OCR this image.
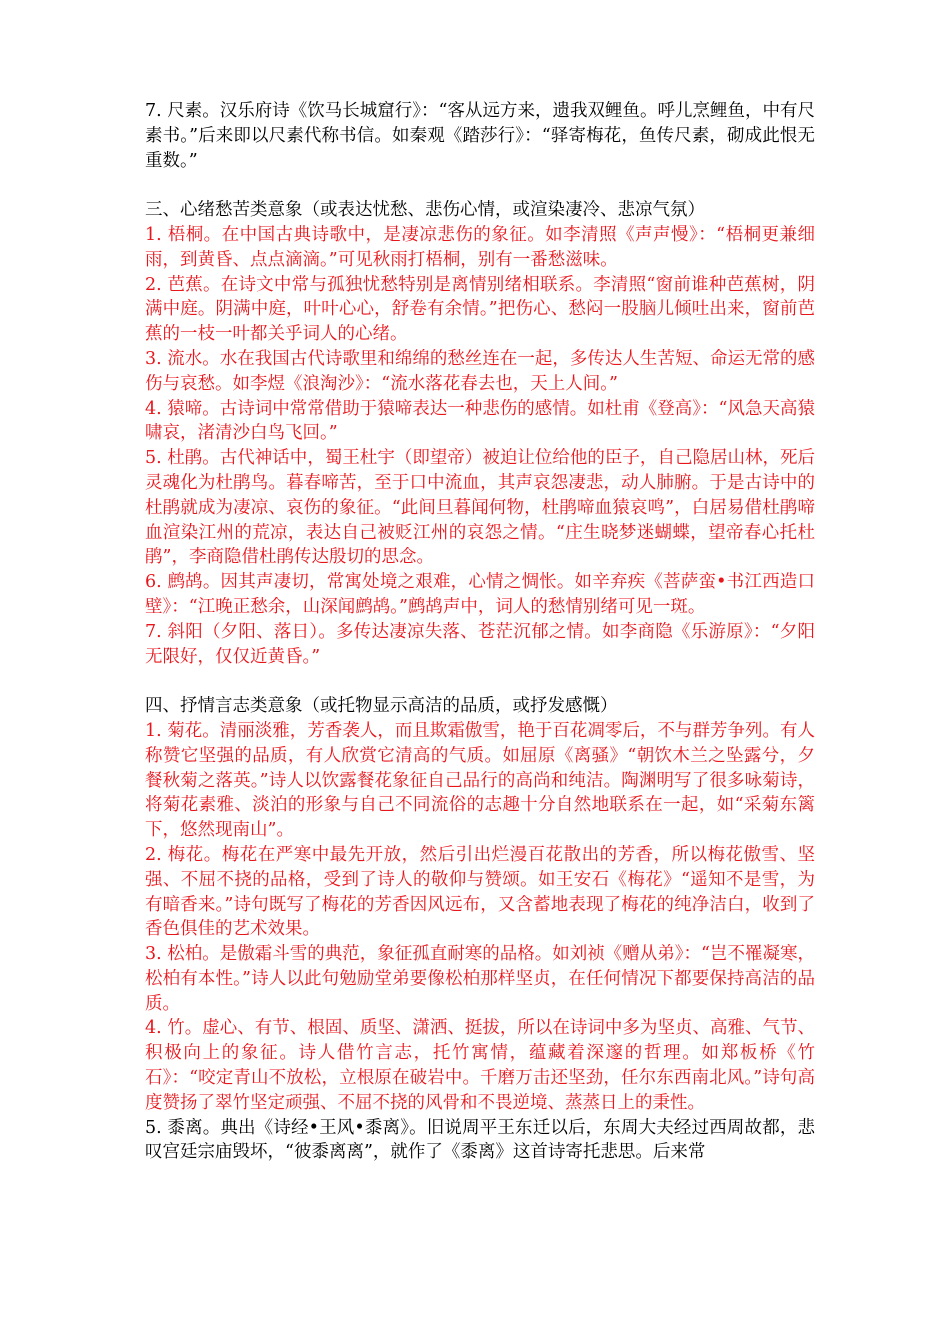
7. 尺素。汉乐府诗《饮马长城窟行》：“客从远方来，遗我双鲤鱼。呼儿烹鲤鱼，中有尺素书。”后来即以尺素代称书信。如秦观《踏莎行》：“驿寄梅花，鱼传尺素，砌成此恨无重数。”

三、心绪愁苦类意象（或表达忧愁、悲伤心情，或渲染凄冷、悲凉气氛）

1. 梧桐。在中国古典诗歌中，是凄凉悲伤的象征。如李清照《声声慢》：“梧桐更兼细雨，到黄昏、点点滴滴。”可见秋雨打梧桐，别有一番愁滋味。

2. 芭蕉。在诗文中常与孤独忧愁特别是离情别绪相联系。李清照“窗前谁种芭蕉树，阴满中庭。阴满中庭，叶叶心心，舒卷有余情。”把伤心、愁闷一股脑儿倾吐出来，窗前芭蕉的一枝一叶都关乎词人的心绪。

3. 流水。水在我国古代诗歌里和绵绵的愁丝连在一起，多传达人生苦短、命运无常的感伤与哀愁。如李煜《浪淘沙》：“流水落花春去也，天上人间。”

4. 猿啼。古诗词中常常借助于猿啼表达一种悲伤的感情。如杜甫《登高》：“风急天高猿啸哀，渚清沙白鸟飞回。”

5. 杜鹃。古代神话中，蜀王杜宇（即望帝）被迫让位给他的臣子，自己隐居山林，死后灵魂化为杜鹃鸟。暮春啼苦，至于口中流血，其声哀怨凄悲，动人肺腑。于是古诗中的杜鹃就成为凄凉、哀伤的象征。“此间旦暮闻何物，杜鹃啼血猿哀鸣”，白居易借杜鹃啼血渲染江州的荒凉，表达自己被贬江州的哀怨之情。“庄生晓梦迷蝴蝶，望帝春心托杜鹃”，李商隐借杜鹃传达殷切的思念。

6. 鹧鸪。因其声凄切，常寓处境之艰难，心情之惆怅。如辛弃疾《菩萨蛮•书江西造口壁》：“江晚正愁余，山深闻鹧鸪。”鹧鸪声中，词人的愁情别绪可见一斑。

7. 斜阳（夕阳、落日）。多传达凄凉失落、苍茫沉郁之情。如李商隐《乐游原》：“夕阳无限好，仅仅近黄昏。”

四、抒情言志类意象（或托物显示高洁的品质，或抒发感慨）

1. 菊花。清丽淡雅，芳香袭人，而且欺霜傲雪，艳于百花凋零后，不与群芳争列。有人称赞它坚强的品质，有人欣赏它清高的气质。如屈原《离骚》“朝饮木兰之坠露兮，夕餐秋菊之落英。”诗人以饮露餐花象征自己品行的高尚和纯洁。陶渊明写了很多咏菊诗，将菊花素雅、淡泊的形象与自己不同流俗的志趣十分自然地联系在一起，如“采菊东篱下，悠然现南山”。

2. 梅花。梅花在严寒中最先开放，然后引出烂漫百花散出的芳香，所以梅花傲雪、坚强、不屈不挠的品格，受到了诗人的敬仰与赞颂。如王安石《梅花》“遥知不是雪，为有暗香来。”诗句既写了梅花的芳香因风远布，又含蓄地表现了梅花的纯净洁白，收到了香色俱佳的艺术效果。

3. 松柏。是傲霜斗雪的典范，象征孤直耐寒的品格。如刘祯《赠从弟》：“岂不罹凝寒，松柏有本性。”诗人以此句勉励堂弟要像松柏那样坚贞，在任何情况下都要保持高洁的品质。

4. 竹。虚心、有节、根固、质坚、潇洒、挺拔，所以在诗词中多为坚贞、高雅、气节、积极向上的象征。诗人借竹言志，托竹寓情，蕴藏着深邃的哲理。如郑板桥《竹石》：“咬定青山不放松，立根原在破岩中。千磨万击还坚劲，任尔东西南北风。”诗句高度赞扬了翠竹坚定顽强、不屈不挠的风骨和不畏逆境、蒸蒸日上的秉性。

5. 黍离。典出《诗经•王风•黍离》。旧说周平王东迁以后，东周大夫经过西周故都，悲叹宫廷宗庙毁坏，“彼黍离离”，就作了《黍离》这首诗寄托悲思。后来常
